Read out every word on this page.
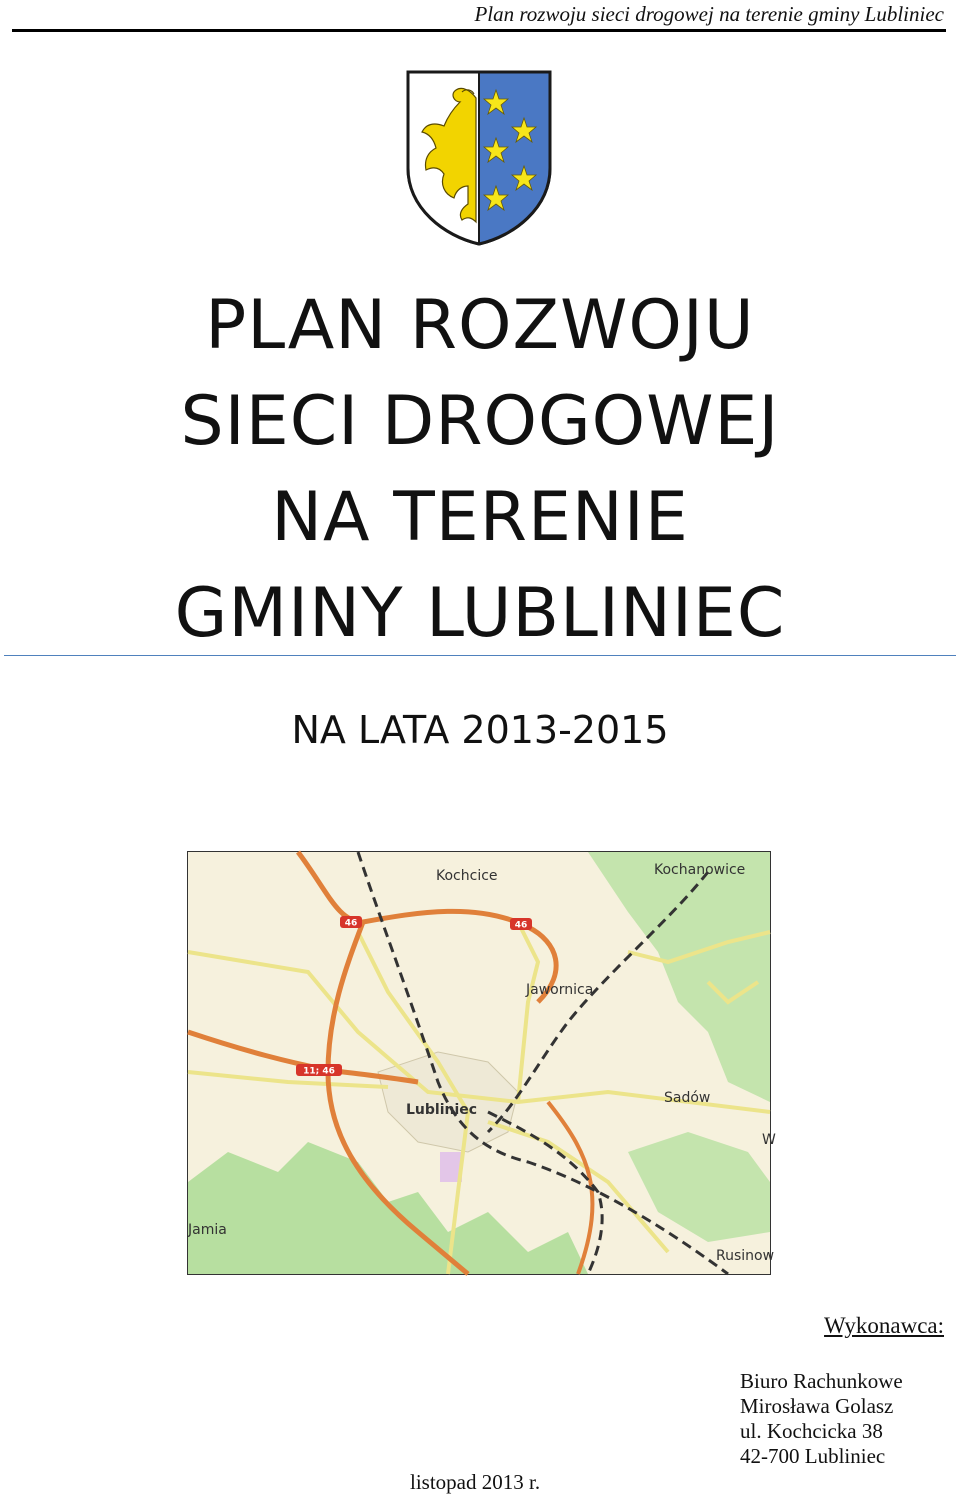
Plan rozwoju sieci drogowej na terenie gminy Lubliniec
PLAN ROZWOJU
SIECI DROGOWEJ
NA TERENIE
GMINY LUBLINIEC
NA LATA 2013-2015
46	46
11; 46
Kochcice	Kochanowice
Jawornica
Lubliniec
Sadów
Rusinow
Jamia
W
Wykonawca:
Biuro Rachunkowe
Mirosława Golasz
ul. Kochcicka 38
42-700 Lubliniec
listopad 2013 r.
